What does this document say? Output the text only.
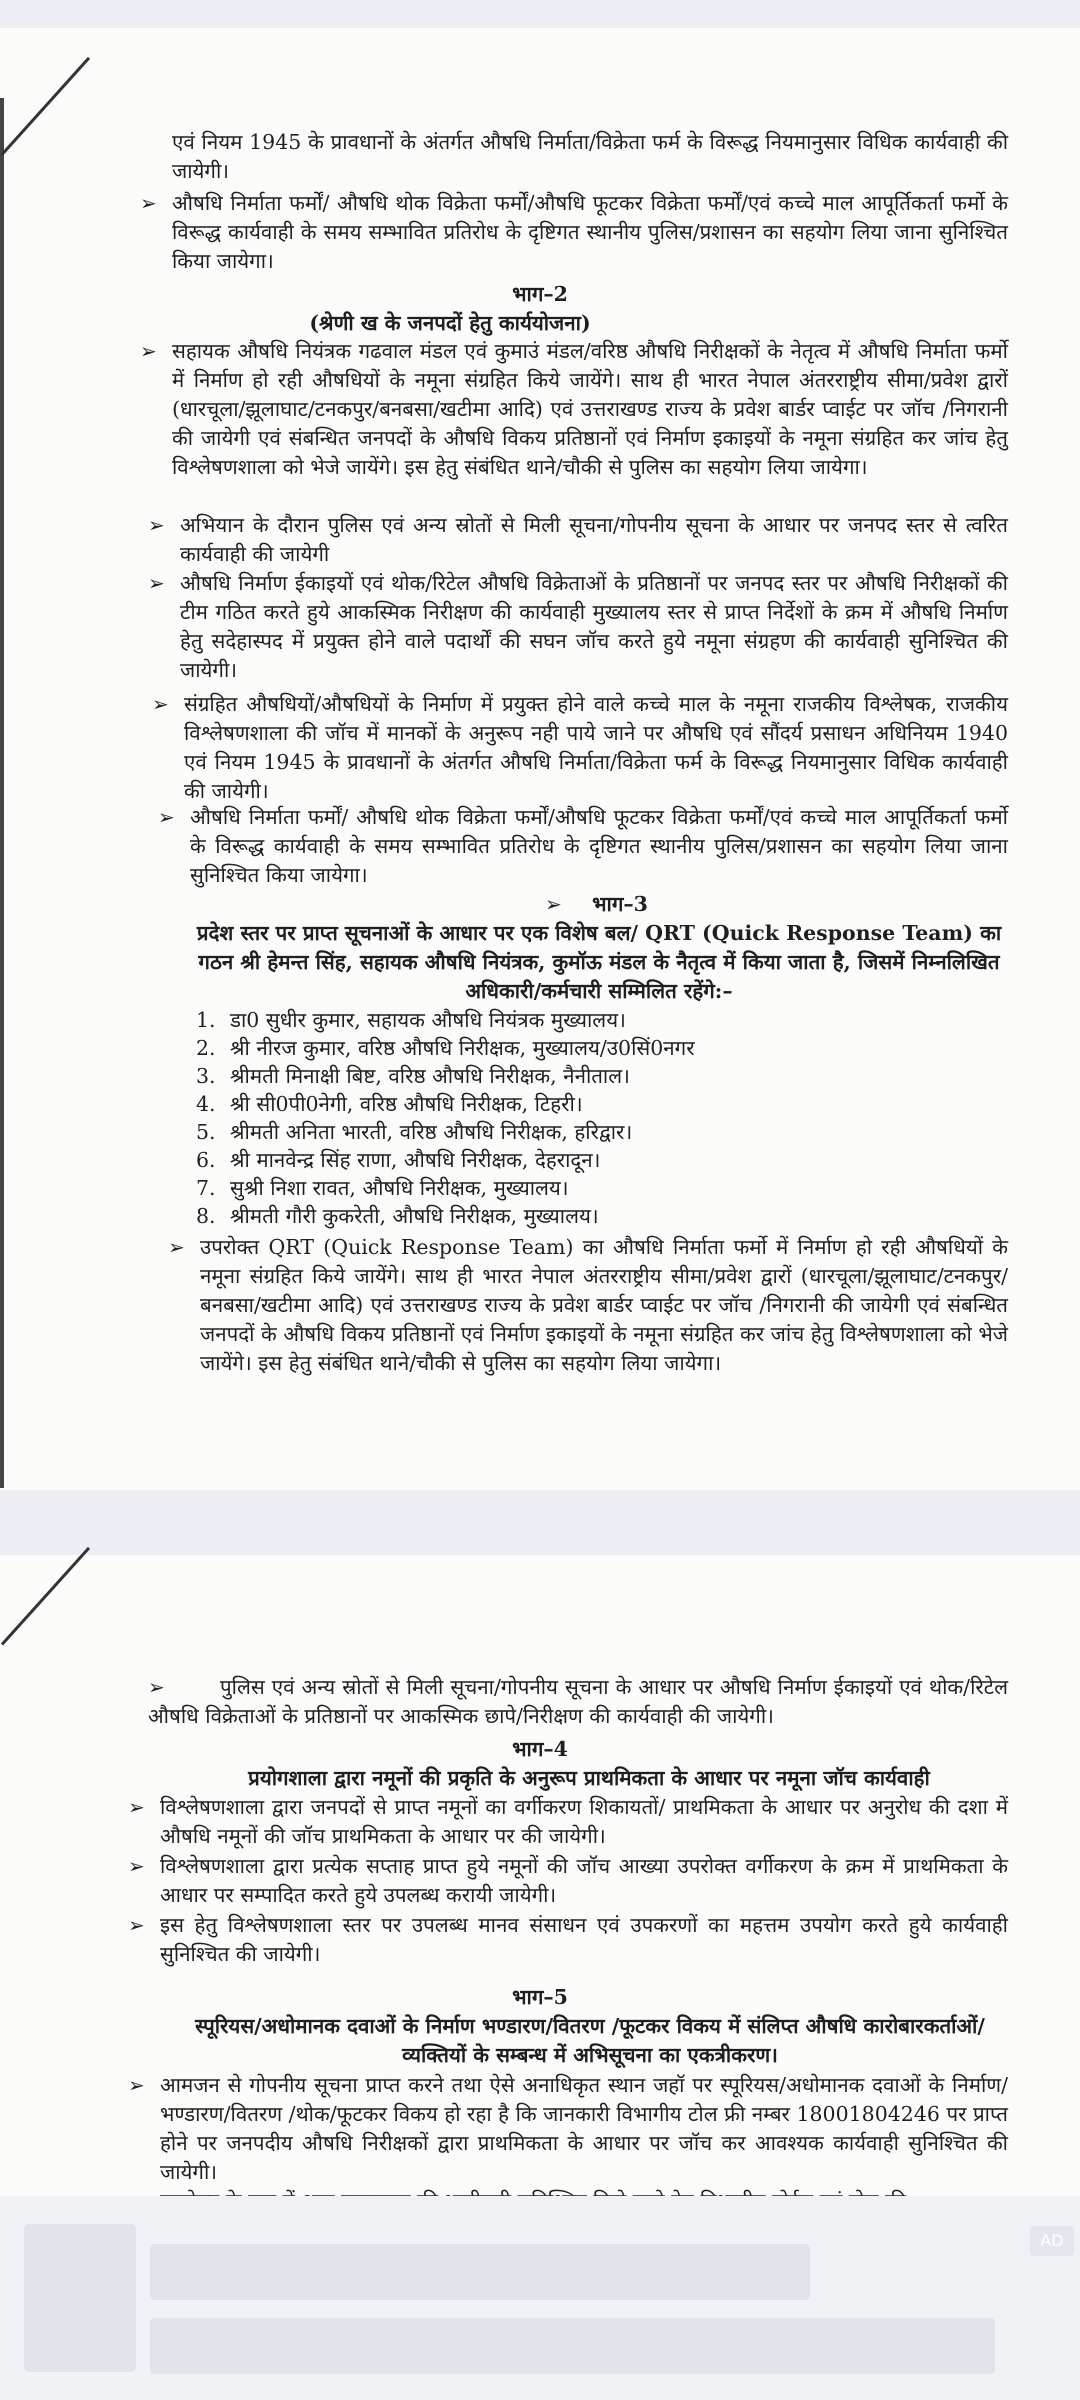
एवं नियम 1945 के प्रावधानों के अंतर्गत औषधि निर्माता/विक्रेता फर्म के विरूद्ध नियमानुसार विधिक कार्यवाही की जायेगी।

➢ औषधि निर्माता फर्मों/ औषधि थोक विक्रेता फर्मों/औषधि फूटकर विक्रेता फर्मों/एवं कच्चे माल आपूर्तिकर्ता फर्मो के विरूद्ध कार्यवाही के समय सम्भावित प्रतिरोध के दृष्टिगत स्थानीय पुलिस/प्रशासन का सहयोग लिया जाना सुनिश्चित किया जायेगा।

भाग–2
(श्रेणी ख के जनपदों हेतु कार्ययोजना)
➢ सहायक औषधि नियंत्रक गढवाल मंडल एवं कुमाउं मंडल/वरिष्ठ औषधि निरीक्षकों के नेतृत्व में औषधि निर्माता फर्मो में निर्माण हो रही औषधियों के नमूना संग्रहित किये जायेंगे। साथ ही भारत नेपाल अंतरराष्ट्रीय सीमा/प्रवेश द्वारों (धारचूला/झूलाघाट/टनकपुर/बनबसा/खटीमा आदि) एवं उत्तराखण्ड राज्य के प्रवेश बार्डर प्वाईट पर जॉच /निगरानी की जायेगी एवं संबन्धित जनपदों के औषधि विकय प्रतिष्ठानों एवं निर्माण इकाइयों के नमूना संग्रहित कर जांच हेतु विश्लेषणशाला को भेजे जायेंगे। इस हेतु संबंधित थाने/चौकी से पुलिस का सहयोग लिया जायेगा।

➢ अभियान के दौरान पुलिस एवं अन्य स्रोतों से मिली सूचना/गोपनीय सूचना के आधार पर जनपद स्तर से त्वरित कार्यवाही की जायेगी

➢ औषधि निर्माण ईकाइयों एवं थोक/रिटेल औषधि विक्रेताओं के प्रतिष्ठानों पर जनपद स्तर पर औषधि निरीक्षकों की टीम गठित करते हुये आकस्मिक निरीक्षण की कार्यवाही मुख्यालय स्तर से प्राप्त निर्देशों के क्रम में औषधि निर्माण हेतु सदेहास्पद में प्रयुक्त होने वाले पदार्थों की सघन जॉच करते हुये नमूना संग्रहण की कार्यवाही सुनिश्चित की जायेगी।

➢ संग्रहित औषधियों/औषधियों के निर्माण में प्रयुक्त होने वाले कच्चे माल के नमूना राजकीय विश्लेषक, राजकीय विश्लेषणशाला की जॉच में मानकों के अनुरूप नही पाये जाने पर औषधि एवं सौंदर्य प्रसाधन अधिनियम 1940 एवं नियम 1945 के प्रावधानों के अंतर्गत औषधि निर्माता/विक्रेता फर्म के विरूद्ध नियमानुसार विधिक कार्यवाही की जायेगी।

➢ औषधि निर्माता फर्मों/ औषधि थोक विक्रेता फर्मों/औषधि फूटकर विक्रेता फर्मों/एवं कच्चे माल आपूर्तिकर्ता फर्मो के विरूद्ध कार्यवाही के समय सम्भावित प्रतिरोध के दृष्टिगत स्थानीय पुलिस/प्रशासन का सहयोग लिया जाना सुनिश्चित किया जायेगा।

➢	भाग–3

प्रदेश स्तर पर प्राप्त सूचनाओं के आधार पर एक विशेष बल/ QRT (Quick Response Team) का गठन श्री हेमन्त सिंह, सहायक औषधि नियंत्रक, कुमॉऊ मंडल के नैतृत्व में किया जाता है, जिसमें निम्नलिखित अधिकारी/कर्मचारी सम्मिलित रहेंगे:–

1. डा0 सुधीर कुमार, सहायक औषधि नियंत्रक मुख्यालय।
2. श्री नीरज कुमार, वरिष्ठ औषधि निरीक्षक, मुख्यालय/उ0सिं0नगर
3. श्रीमती मिनाक्षी बिष्ट, वरिष्ठ औषधि निरीक्षक, नैनीताल।
4. श्री सी0पी0नेगी, वरिष्ठ औषधि निरीक्षक, टिहरी।
5. श्रीमती अनिता भारती, वरिष्ठ औषधि निरीक्षक, हरिद्वार।
6. श्री मानवेन्द्र सिंह राणा, औषधि निरीक्षक, देहरादून।
7. सुश्री निशा रावत, औषधि निरीक्षक, मुख्यालय।
8. श्रीमती गौरी कुकरेती, औषधि निरीक्षक, मुख्यालय।
➢ उपरोक्त QRT (Quick Response Team) का औषधि निर्माता फर्मो में निर्माण हो रही औषधियों के नमूना संग्रहित किये जायेंगे। साथ ही भारत नेपाल अंतरराष्ट्रीय सीमा/प्रवेश द्वारों (धारचूला/झूलाघाट/टनकपुर/बनबसा/खटीमा आदि) एवं उत्तराखण्ड राज्य के प्रवेश बार्डर प्वाईट पर जॉच /निगरानी की जायेगी एवं संबन्धित जनपदों के औषधि विकय प्रतिष्ठानों एवं निर्माण इकाइयों के नमूना संग्रहित कर जांच हेतु विश्लेषणशाला को भेजे जायेंगे। इस हेतु संबंधित थाने/चौकी से पुलिस का सहयोग लिया जायेगा।

➢	पुलिस एवं अन्य स्रोतों से मिली सूचना/गोपनीय सूचना के आधार पर औषधि निर्माण ईकाइयों एवं थोक/रिटेल औषधि विक्रेताओं के प्रतिष्ठानों पर आकस्मिक छापे/निरीक्षण की कार्यवाही की जायेगी।

भाग–4

प्रयोगशाला द्वारा नमूनों की प्रकृति के अनुरूप प्राथमिकता के आधार पर नमूना जॉच कार्यवाही

➢ विश्लेषणशाला द्वारा जनपदों से प्राप्त नमूनों का वर्गीकरण शिकायतों/ प्राथमिकता के आधार पर अनुरोध की दशा में औषधि नमूनों की जॉच प्राथमिकता के आधार पर की जायेगी।

➢ विश्लेषणशाला द्वारा प्रत्येक सप्ताह प्राप्त हुये नमूनों की जॉच आख्या उपरोक्त वर्गीकरण के क्रम में प्राथमिकता के आधार पर सम्पादित करते हुये उपलब्ध करायी जायेगी।

➢ इस हेतु विश्लेषणशाला स्तर पर उपलब्ध मानव संसाधन एवं उपकरणों का महत्तम उपयोग करते हुये कार्यवाही सुनिश्चित की जायेगी।

भाग–5

स्पूरियस/अधोमानक दवाओं के निर्माण भण्डारण/वितरण /फूटकर विकय में संलिप्त औषधि कारोबारकर्ताओं/व्यक्तियों के सम्बन्ध में अभिसूचना का एकत्रीकरण।

➢ आमजन से गोपनीय सूचना प्राप्त करने तथा ऐसे अनाधिकृत स्थान जहॉ पर स्पूरियस/अधोमानक दवाओं के निर्माण/भण्डारण/वितरण /थोक/फूटकर विकय हो रहा है कि जानकारी विभागीय टोल फ्री नम्बर 18001804246 पर प्राप्त होने पर जनपदीय औषधि निरीक्षकों द्वारा प्राथमिकता के आधार पर जॉच कर आवश्यक कार्यवाही सुनिश्चित की जायेगी।

AD
